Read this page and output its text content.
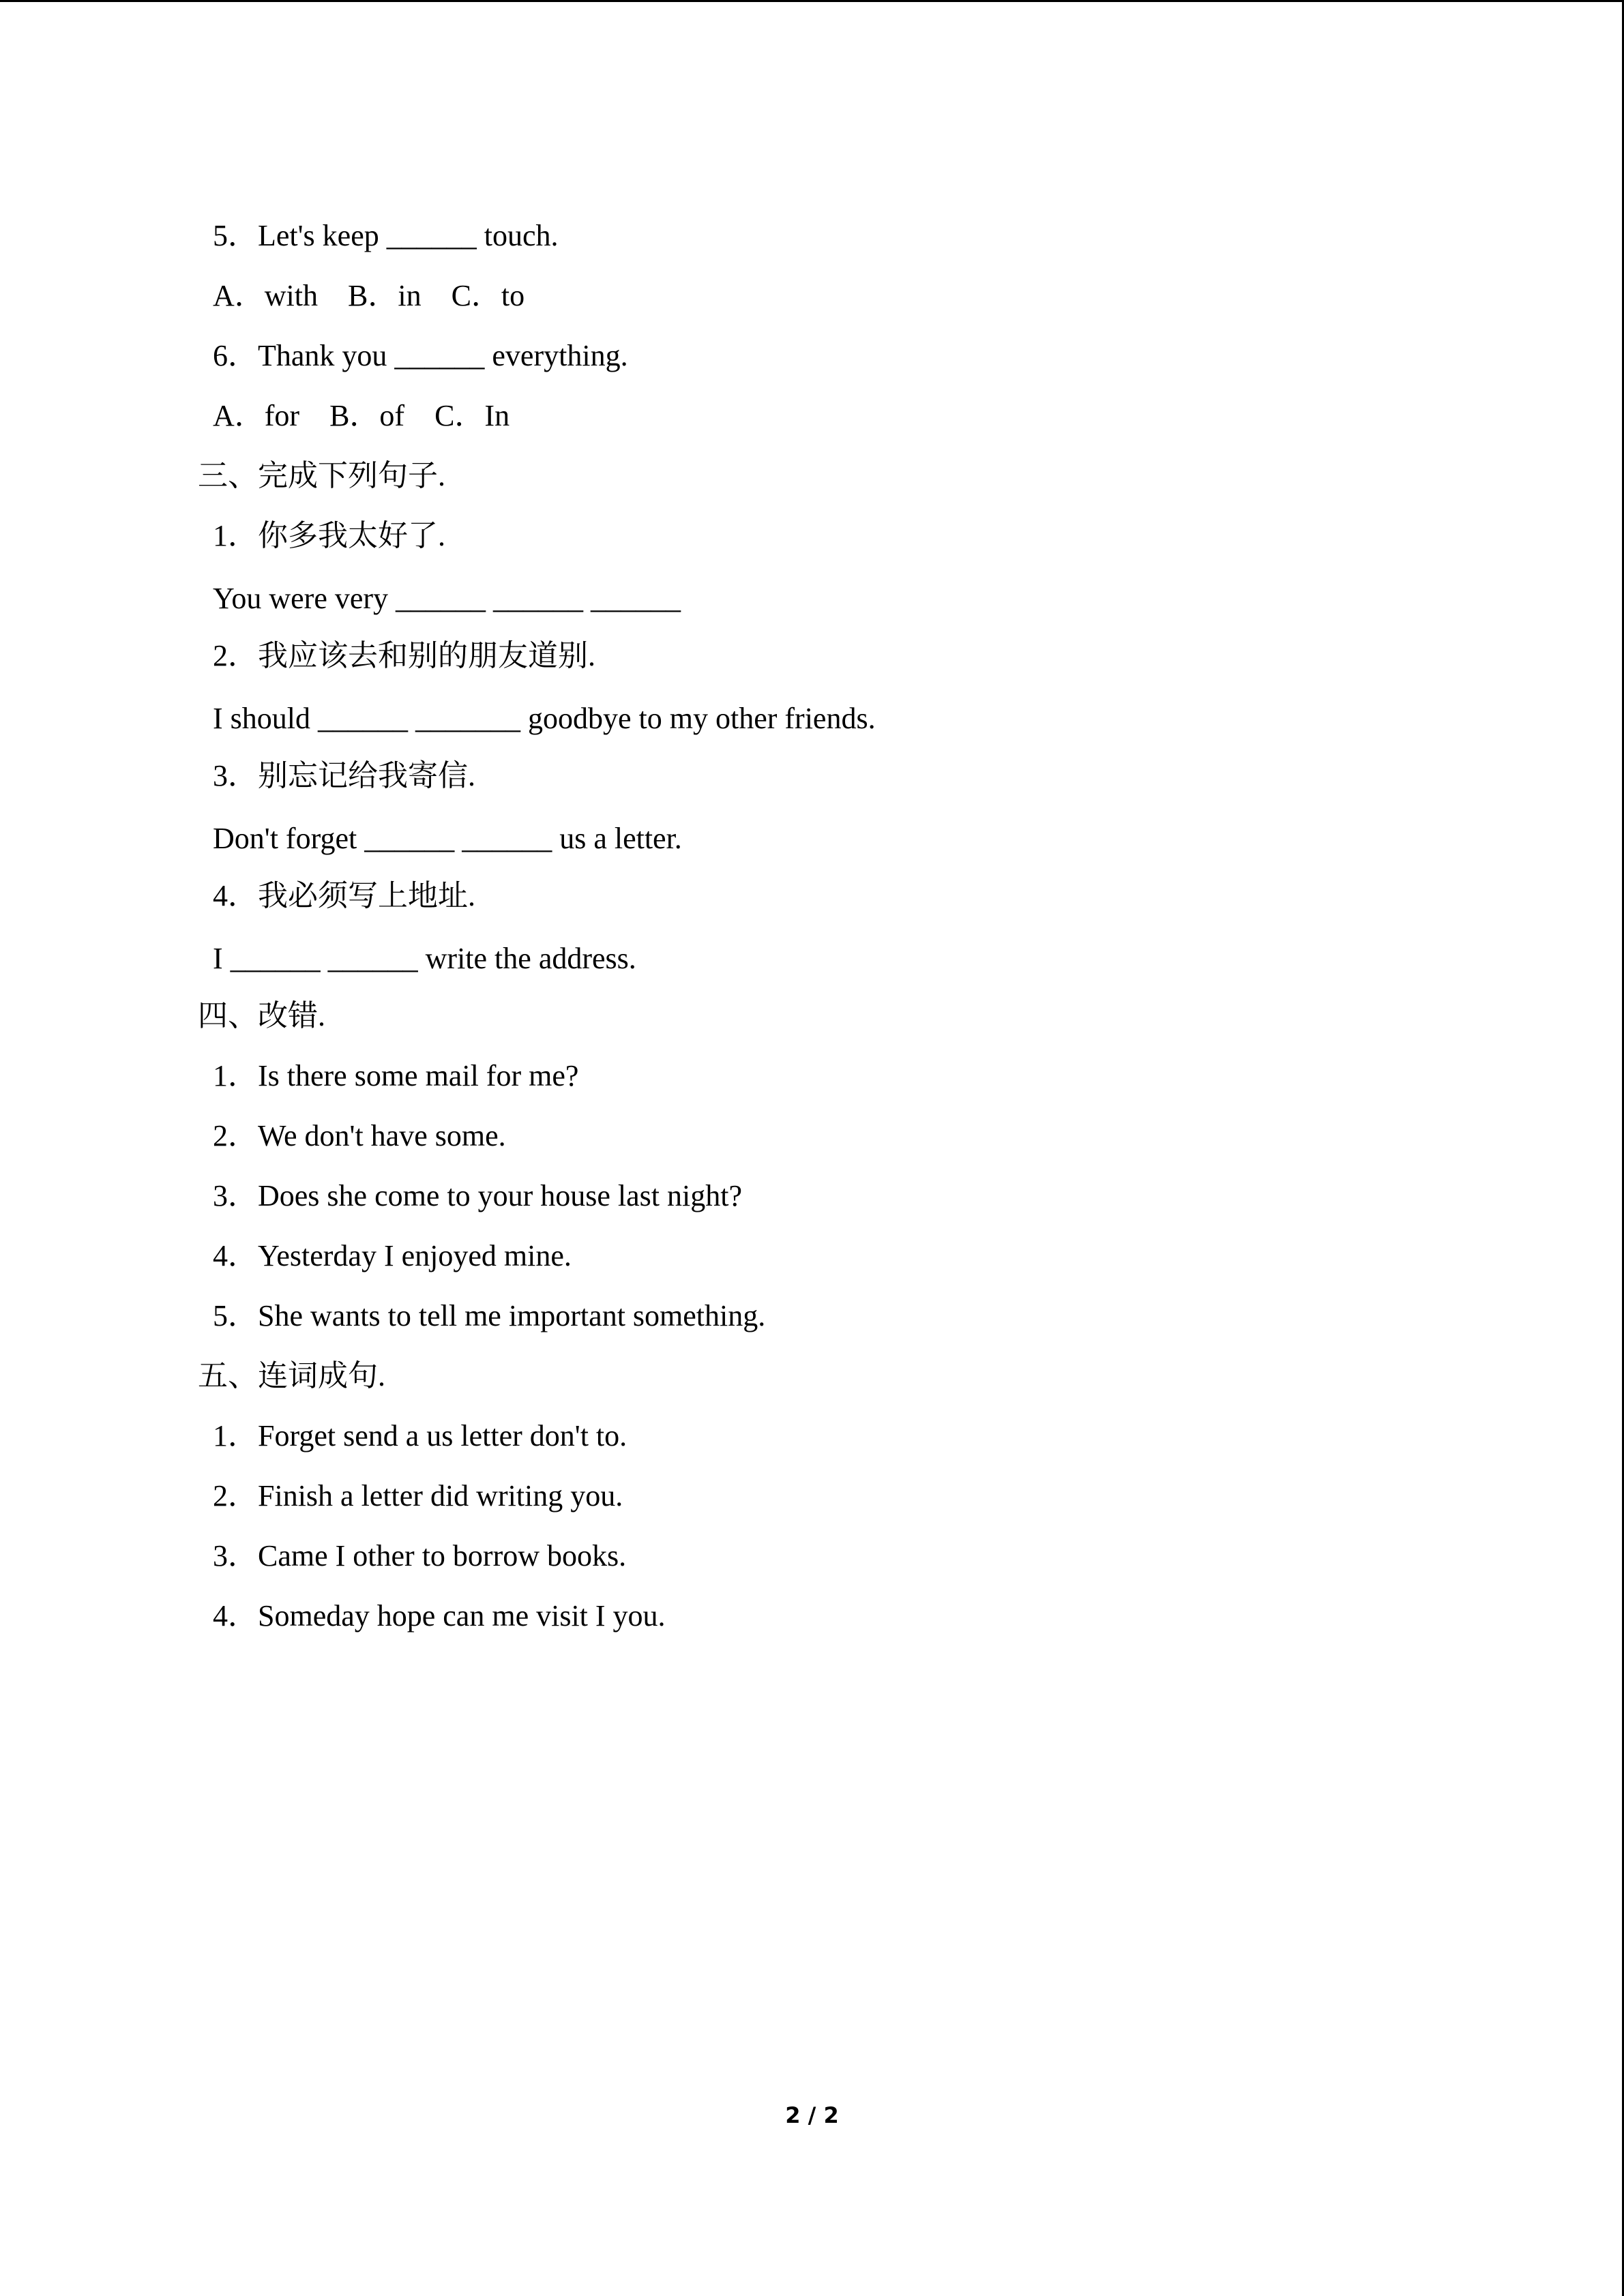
5．Let's keep ______ touch.
A．with    B．in    C．to
6．Thank you ______ everything.
A．for    B．of    C．In
三、完成下列句子.
1．你多我太好了.
You were very ______ ______ ______
2．我应该去和别的朋友道别.
I should ______ _______ goodbye to my other friends.
3．别忘记给我寄信.
Don't forget ______ ______ us a letter.
4．我必须写上地址.
I ______ ______ write the address.
四、改错.
1．Is there some mail for me?
2．We don't have some.
3．Does she come to your house last night?
4．Yesterday I enjoyed mine.
5．She wants to tell me important something.
五、连词成句.
1．Forget send a us letter don't to.
2．Finish a letter did writing you.
3．Came I other to borrow books.
4．Someday hope can me visit I you.
2 / 2
